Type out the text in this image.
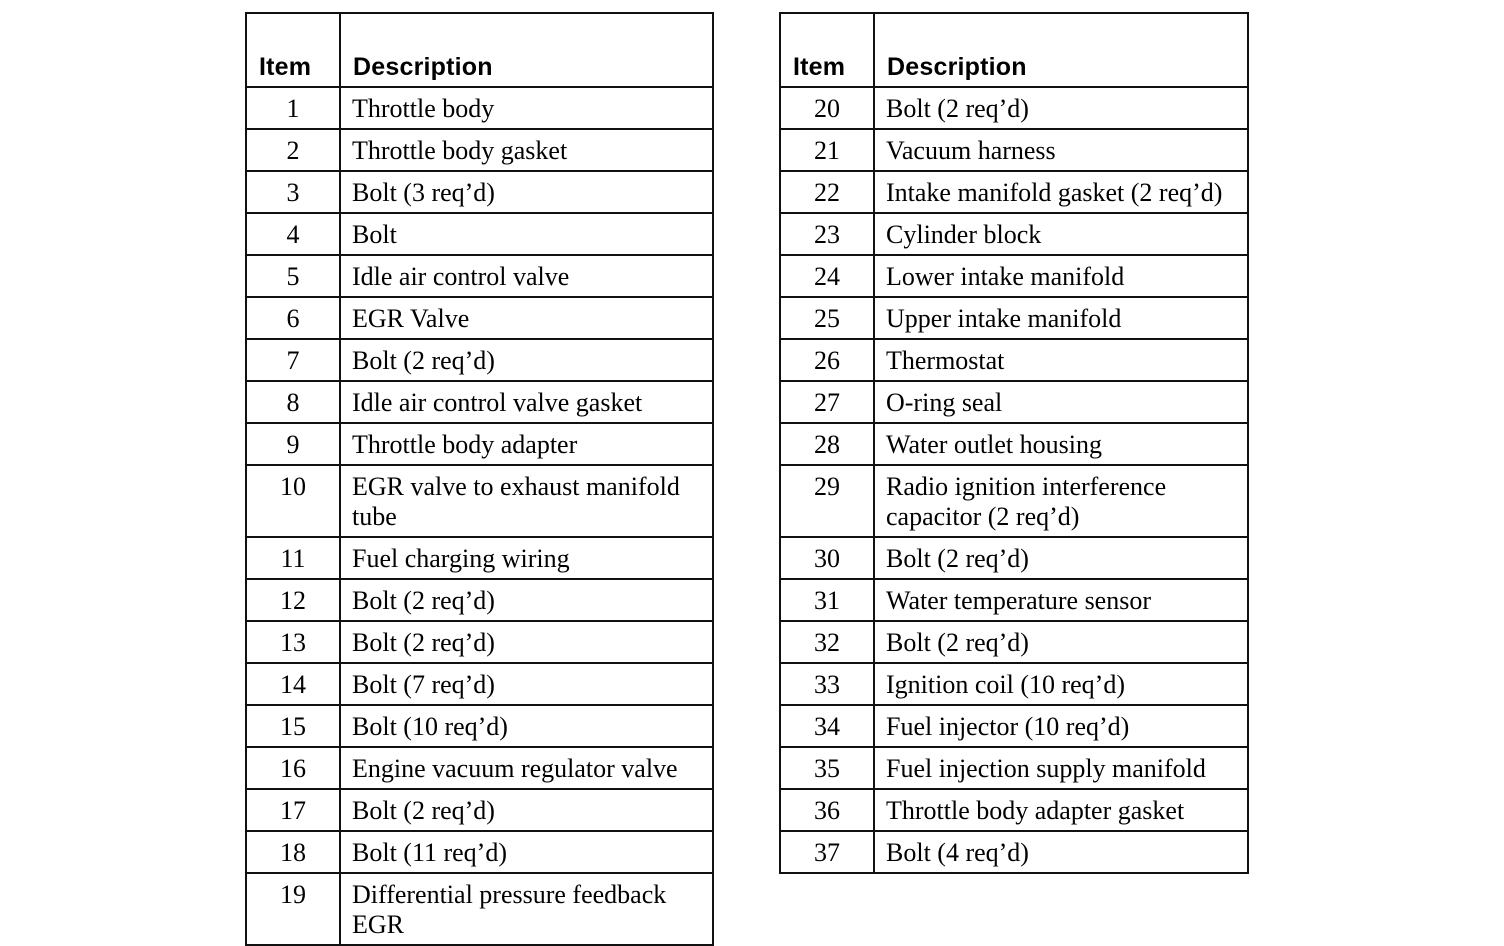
Item	Description
1	Throttle body
2	Throttle body gasket
3	Bolt (3 req’d)
4	Bolt
5	Idle air control valve
6	EGR Valve
7	Bolt (2 req’d)
8	Idle air control valve gasket
9	Throttle body adapter
10	EGR valve to exhaust manifold tube
11	Fuel charging wiring
12	Bolt (2 req’d)
13	Bolt (2 req’d)
14	Bolt (7 req’d)
15	Bolt (10 req’d)
16	Engine vacuum regulator valve
17	Bolt (2 req’d)
18	Bolt (11 req’d)
19	Differential pressure feedback EGR
Item	Description
20	Bolt (2 req’d)
21	Vacuum harness
22	Intake manifold gasket (2 req’d)
23	Cylinder block
24	Lower intake manifold
25	Upper intake manifold
26	Thermostat
27	O-ring seal
28	Water outlet housing
29	Radio ignition interference capacitor (2 req’d)
30	Bolt (2 req’d)
31	Water temperature sensor
32	Bolt (2 req’d)
33	Ignition coil (10 req’d)
34	Fuel injector (10 req’d)
35	Fuel injection supply manifold
36	Throttle body adapter gasket
37	Bolt (4 req’d)
